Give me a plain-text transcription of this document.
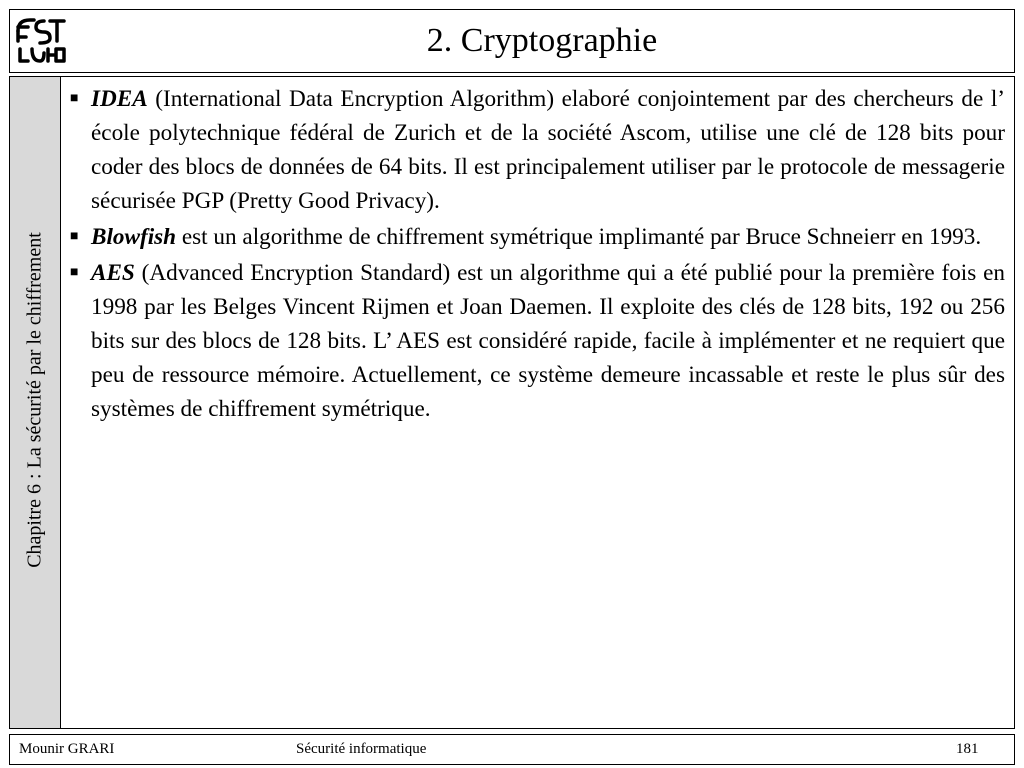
2. Cryptographie
Chapitre 6 : La sécurité par le chiffrement
■ IDEA (International Data Encryption Algorithm) elaboré conjointement par des chercheurs de l’ école polytechnique fédéral de Zurich et de la société Ascom, utilise une clé de 128 bits pour coder des blocs de données de 64 bits. Il est principalement utiliser par le protocole de messagerie sécurisée PGP (Pretty Good Privacy).
■ Blowfish est un algorithme de chiffrement symétrique implimanté par Bruce Schneierr en 1993.
■ AES (Advanced Encryption Standard) est un algorithme qui a été publié pour la première fois en 1998 par les Belges Vincent Rijmen et Joan Daemen. Il exploite des clés de 128 bits, 192 ou 256 bits sur des blocs de 128 bits. L’ AES est considéré rapide, facile à implémenter et ne requiert que peu de ressource mémoire. Actuellement, ce système demeure incassable et reste le plus sûr des systèmes de chiffrement symétrique.
Mounir GRARI	Sécurité informatique	181
